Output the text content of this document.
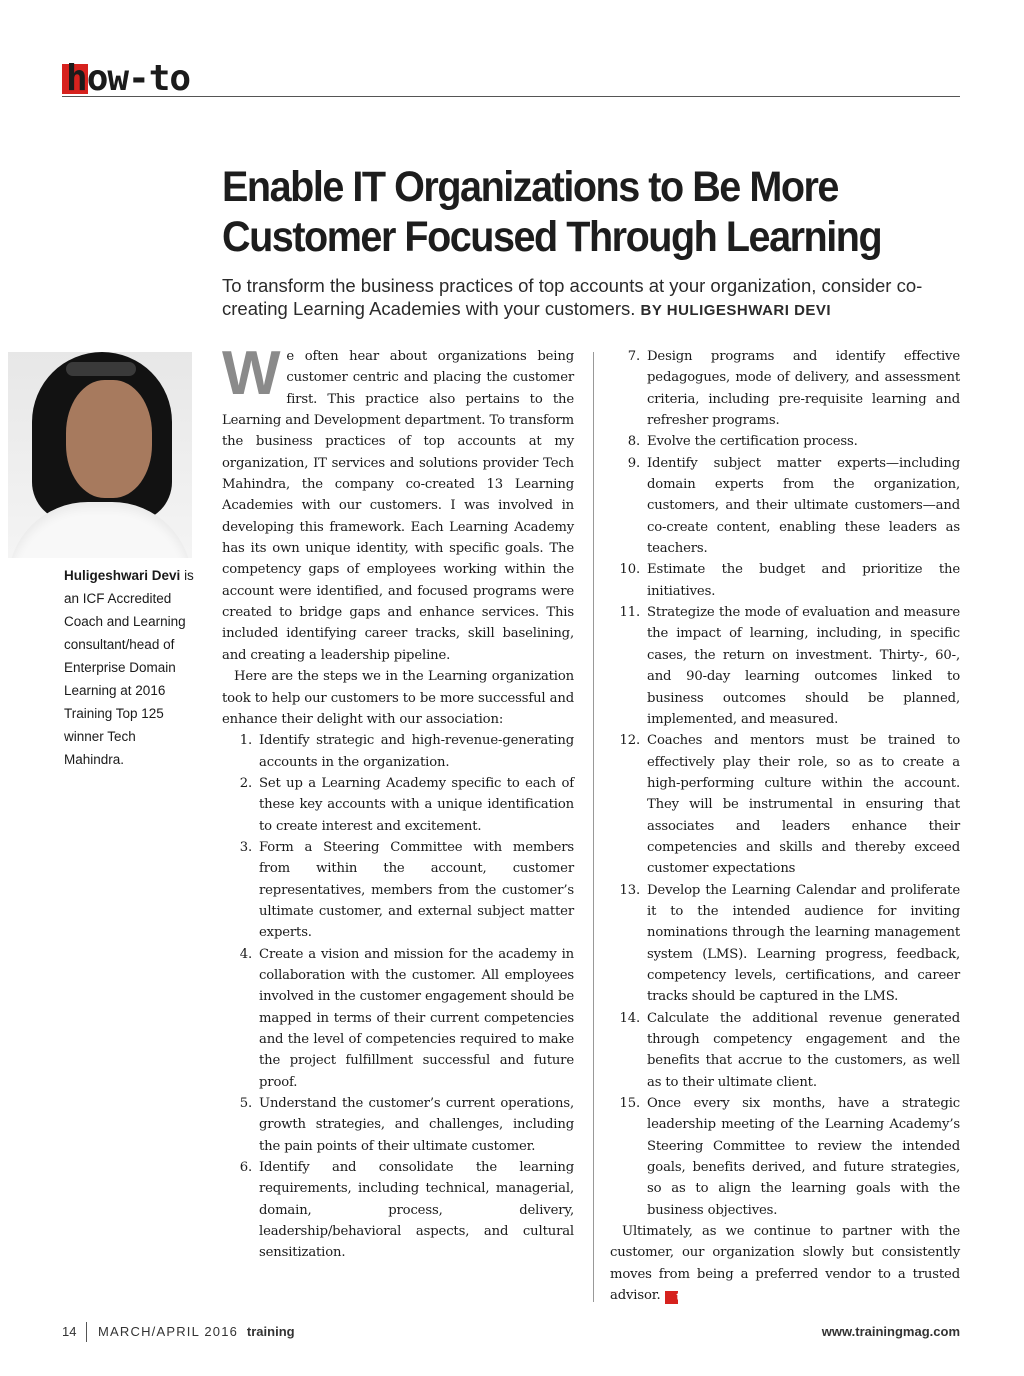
how-to
Enable IT Organizations to Be More Customer Focused Through Learning

To transform the business practices of top accounts at your organization, consider co-creating Learning Academies with your customers. BY HULIGESHWARI DEVI

Huligeshwari Devi is an ICF Accredited Coach and Learning consultant/head of Enterprise Domain Learning at 2016 Training Top 125 winner Tech Mahindra.

We often hear about organizations being customer centric and placing the customer first. This practice also pertains to the Learning and Development department. To transform the business practices of top accounts at my organization, IT services and solutions provider Tech Mahindra, the company co-created 13 Learning Academies with our customers. I was involved in developing this framework. Each Learning Academy has its own unique identity, with specific goals. The competency gaps of employees working within the account were identified, and focused programs were created to bridge gaps and enhance services. This included identifying career tracks, skill baselining, and creating a leadership pipeline.

Here are the steps we in the Learning organization took to help our customers to be more successful and enhance their delight with our association:

1. Identify strategic and high-revenue-generating accounts in the organization.
2. Set up a Learning Academy specific to each of these key accounts with a unique identification to create interest and excitement.
3. Form a Steering Committee with members from within the account, customer representatives, members from the customer’s ultimate customer, and external subject matter experts.
4. Create a vision and mission for the academy in collaboration with the customer. All employees involved in the customer engagement should be mapped in terms of their current competencies and the level of competencies required to make the project fulfillment successful and future proof.
5. Understand the customer’s current operations, growth strategies, and challenges, including the pain points of their ultimate customer.
6. Identify and consolidate the learning requirements, including technical, managerial, domain, process, delivery, leadership/behavioral aspects, and cultural sensitization.
7. Design programs and identify effective pedagogues, mode of delivery, and assessment criteria, including pre-requisite learning and refresher programs.
8. Evolve the certification process.
9. Identify subject matter experts—including domain experts from the organization, customers, and their ultimate customers—and co-create content, enabling these leaders as teachers.
10. Estimate the budget and prioritize the initiatives.
11. Strategize the mode of evaluation and measure the impact of learning, including, in specific cases, the return on investment. Thirty-, 60-, and 90-day learning outcomes linked to business outcomes should be planned, implemented, and measured.
12. Coaches and mentors must be trained to effectively play their role, so as to create a high-performing culture within the account. They will be instrumental in ensuring that associates and leaders enhance their competencies and skills and thereby exceed customer expectations
13. Develop the Learning Calendar and proliferate it to the intended audience for inviting nominations through the learning management system (LMS). Learning progress, feedback, competency levels, certifications, and career tracks should be captured in the LMS.
14. Calculate the additional revenue generated through competency engagement and the benefits that accrue to the customers, as well as to their ultimate client.
15. Once every six months, have a strategic leadership meeting of the Learning Academy’s Steering Committee to review the intended goals, benefits derived, and future strategies, so as to align the learning goals with the business objectives.

Ultimately, as we continue to partner with the customer, our organization slowly but consistently moves from being a preferred vendor to a trusted advisor. t

14 MARCH/APRIL 2016 training	www.trainingmag.com
